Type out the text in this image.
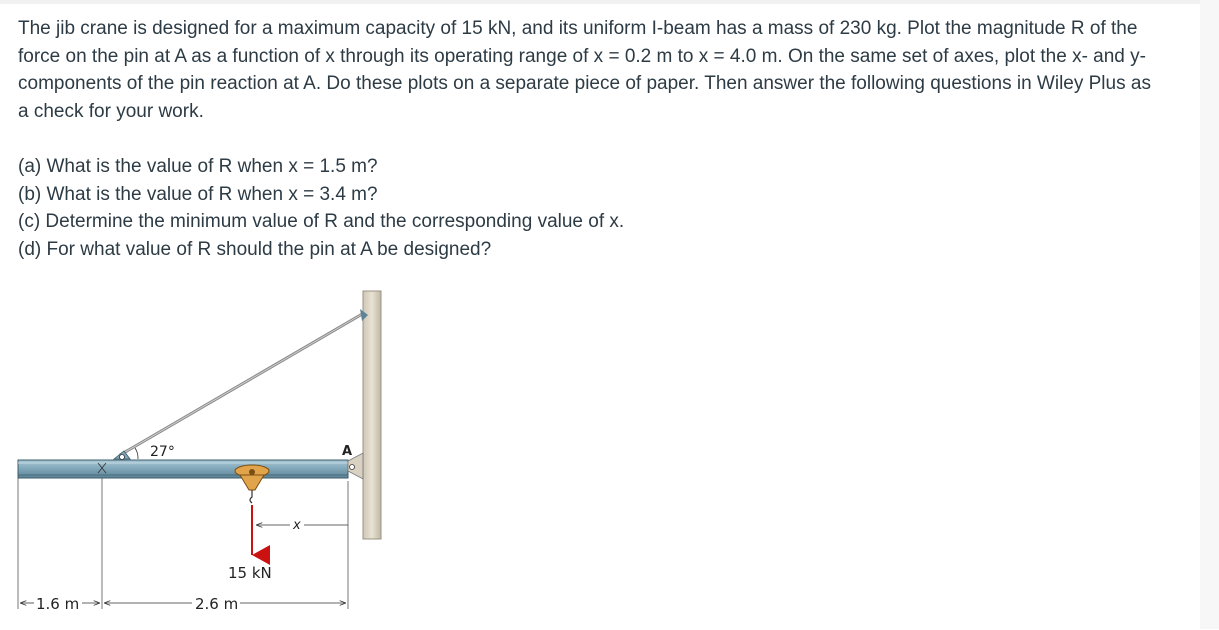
The jib crane is designed for a maximum capacity of 15 kN, and its uniform I-beam has a mass of 230 kg. Plot the magnitude R of the

force on the pin at A as a function of x through its operating range of x = 0.2 m to x = 4.0 m. On the same set of axes, plot the x- and y-

components of the pin reaction at A. Do these plots on a separate piece of paper. Then answer the following questions in Wiley Plus as

a check for your work.

(a) What is the value of R when x = 1.5 m?
(b) What is the value of R when x = 3.4 m?
(c) Determine the minimum value of R and the corresponding value of x.
(d) For what value of R should the pin at A be designed?
27°	A
15 kN
x
1.6 m	2.6 m
